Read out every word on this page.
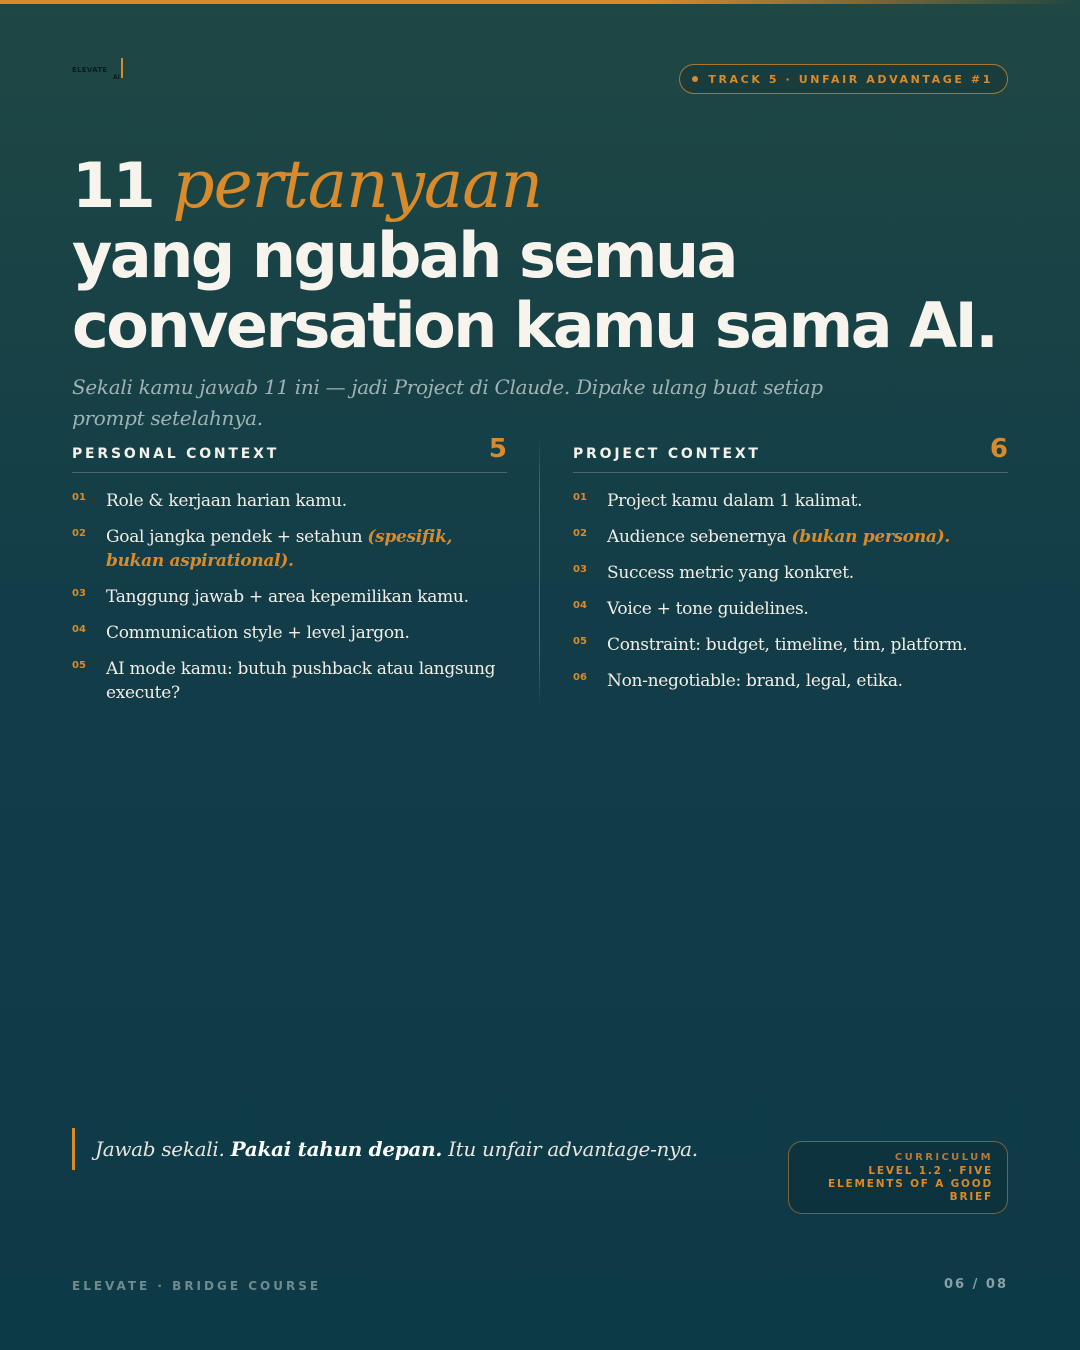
ELEVATE
AI	TRACK 5 · UNFAIR ADVANTAGE #1
11 pertanyaan
yang ngubah semua
conversation kamu sama AI.

Sekali kamu jawab 11 ini — jadi Project di Claude. Dipake ulang buat setiap prompt setelahnya.

PERSONAL CONTEXT	5
01 Role & kerjaan harian kamu.
02 Goal jangka pendek + setahun (spesifik, bukan aspirational).
03 Tanggung jawab + area kepemilikan kamu.
04 Communication style + level jargon.
05 AI mode kamu: butuh pushback atau langsung execute?
PROJECT CONTEXT	6
01 Project kamu dalam 1 kalimat.
02 Audience sebenernya (bukan persona).
03 Success metric yang konkret.
04 Voice + tone guidelines.
05 Constraint: budget, timeline, tim, platform.
06 Non-negotiable: brand, legal, etika.
Jawab sekali. Pakai tahun depan. Itu unfair advantage-nya.	CURRICULUM
LEVEL 1.2 · FIVE ELEMENTS OF A GOOD BRIEF
ELEVATE · BRIDGE COURSE	06 / 08
